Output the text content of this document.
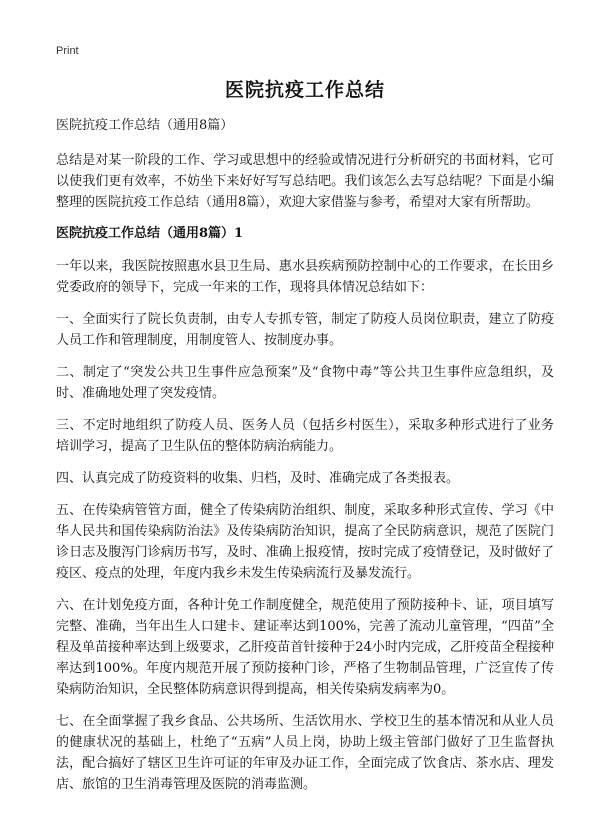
Print
医院抗疫工作总结
医院抗疫工作总结（通用8篇）

总结是对某一阶段的工作、学习或思想中的经验或情况进行分析研究的书面材料，它可以使我们更有效率，不妨坐下来好好写写总结吧。我们该怎么去写总结呢？下面是小编整理的医院抗疫工作总结（通用8篇），欢迎大家借鉴与参考，希望对大家有所帮助。

医院抗疫工作总结（通用8篇）1

一年以来，我医院按照惠水县卫生局、惠水县疾病预防控制中心的工作要求，在长田乡党委政府的领导下，完成一年来的工作，现将具体情况总结如下：

一、全面实行了院长负责制，由专人专抓专管，制定了防疫人员岗位职责，建立了防疫人员工作和管理制度，用制度管人、按制度办事。

二、制定了“突发公共卫生事件应急预案”及“食物中毒”等公共卫生事件应急组织，及时、准确地处理了突发疫情。

三、不定时地组织了防疫人员、医务人员（包括乡村医生），采取多种形式进行了业务培训学习，提高了卫生队伍的整体防病治病能力。

四、认真完成了防疫资料的收集、归档，及时、准确完成了各类报表。

五、在传染病管管方面，健全了传染病防治组织、制度，采取多种形式宣传、学习《中华人民共和国传染病防治法》及传染病防治知识，提高了全民防病意识，规范了医院门诊日志及腹泻门诊病历书写，及时、准确上报疫情，按时完成了疫情登记，及时做好了疫区、疫点的处理，年度内我乡未发生传染病流行及暴发流行。

六、在计划免疫方面，各种计免工作制度健全，规范使用了预防接种卡、证，项目填写完整、准确，当年出生人口建卡、建证率达到100%，完善了流动儿童管理，“四苗”全程及单苗接种率达到上级要求，乙肝疫苗首针接种于24小时内完成，乙肝疫苗全程接种率达到100%。年度内规范开展了预防接种门诊，严格了生物制品管理，广泛宣传了传染病防治知识，全民整体防病意识得到提高，相关传染病发病率为0。

七、在全面掌握了我乡食品、公共场所、生活饮用水、学校卫生的基本情况和从业人员的健康状况的基础上，杜绝了“五病”人员上岗，协助上级主管部门做好了卫生监督执法，配合搞好了辖区卫生许可证的年审及办证工作，全面完成了饮食店、茶水店、理发店、旅馆的卫生消毒管理及医院的消毒监测。
